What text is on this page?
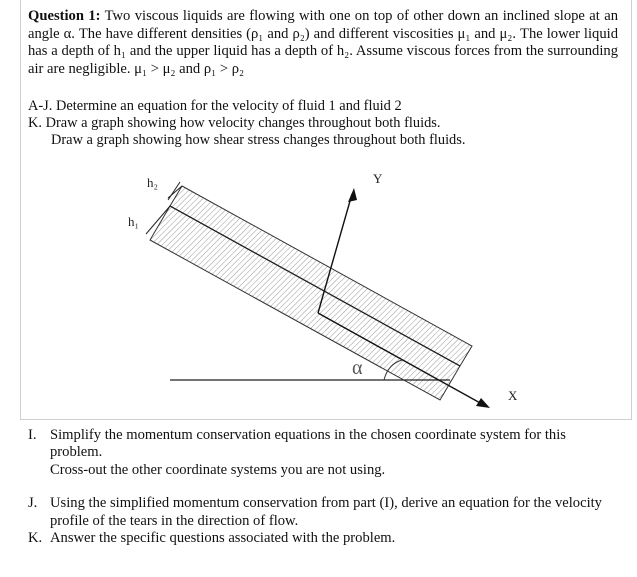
Question 1: Two viscous liquids are flowing with one on top of other down an inclined slope at an angle α. The have different densities (ρ₁ and ρ₂) and different viscosities μ₁ and μ₂. The lower liquid has a depth of h₁ and the upper liquid has a depth of h₂. Assume viscous forces from the surrounding air are negligible. μ₁ > μ₂ and ρ₁ > ρ₂
A-J. Determine an equation for the velocity of fluid 1 and fluid 2
K. Draw a graph showing how velocity changes throughout both fluids.
Draw a graph showing how shear stress changes throughout both fluids.
h₂
h₁
Y
X
α
I. Simplify the momentum conservation equations in the chosen coordinate system for this problem.
Cross-out the other coordinate systems you are not using.
J. Using the simplified momentum conservation from part (I), derive an equation for the velocity profile of the tears in the direction of flow.
K. Answer the specific questions associated with the problem.
